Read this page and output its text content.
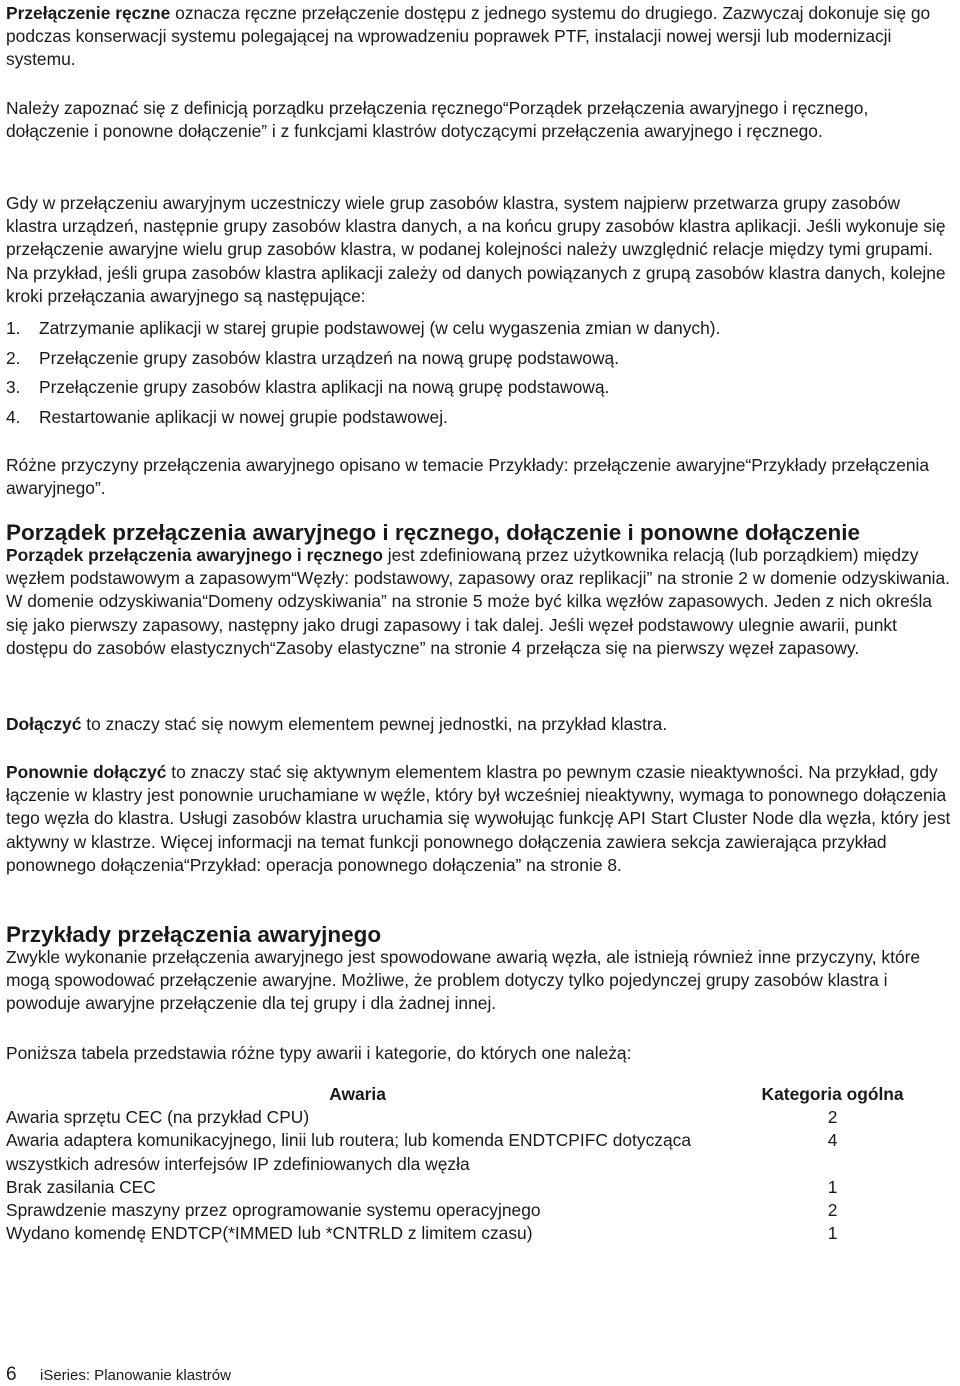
Przełączenie ręczne oznacza ręczne przełączenie dostępu z jednego systemu do drugiego. Zazwyczaj dokonuje się go podczas konserwacji systemu polegającej na wprowadzeniu poprawek PTF, instalacji nowej wersji lub modernizacji systemu.

Należy zapoznać się z definicją porządku przełączenia ręcznego“Porządek przełączenia awaryjnego i ręcznego, dołączenie i ponowne dołączenie” i z funkcjami klastrów dotyczącymi przełączenia awaryjnego i ręcznego.

Gdy w przełączeniu awaryjnym uczestniczy wiele grup zasobów klastra, system najpierw przetwarza grupy zasobów klastra urządzeń, następnie grupy zasobów klastra danych, a na końcu grupy zasobów klastra aplikacji. Jeśli wykonuje się przełączenie awaryjne wielu grup zasobów klastra, w podanej kolejności należy uwzględnić relacje między tymi grupami. Na przykład, jeśli grupa zasobów klastra aplikacji zależy od danych powiązanych z grupą zasobów klastra danych, kolejne kroki przełączania awaryjnego są następujące:

1.	Zatrzymanie aplikacji w starej grupie podstawowej (w celu wygaszenia zmian w danych).
2.	Przełączenie grupy zasobów klastra urządzeń na nową grupę podstawową.
3.	Przełączenie grupy zasobów klastra aplikacji na nową grupę podstawową.
4.	Restartowanie aplikacji w nowej grupie podstawowej.

Różne przyczyny przełączenia awaryjnego opisano w temacie Przykłady: przełączenie awaryjne“Przykłady przełączenia awaryjnego”.

Porządek przełączenia awaryjnego i ręcznego, dołączenie i ponowne dołączenie

Porządek przełączenia awaryjnego i ręcznego jest zdefiniowaną przez użytkownika relacją (lub porządkiem) między węzłem podstawowym a zapasowym“Węzły: podstawowy, zapasowy oraz replikacji” na stronie 2 w domenie odzyskiwania. W domenie odzyskiwania“Domeny odzyskiwania” na stronie 5 może być kilka węzłów zapasowych. Jeden z nich określa się jako pierwszy zapasowy, następny jako drugi zapasowy i tak dalej. Jeśli węzeł podstawowy ulegnie awarii, punkt dostępu do zasobów elastycznych“Zasoby elastyczne” na stronie 4 przełącza się na pierwszy węzeł zapasowy.

Dołączyć to znaczy stać się nowym elementem pewnej jednostki, na przykład klastra.

Ponownie dołączyć to znaczy stać się aktywnym elementem klastra po pewnym czasie nieaktywności. Na przykład, gdy łączenie w klastry jest ponownie uruchamiane w węźle, który był wcześniej nieaktywny, wymaga to ponownego dołączenia tego węzła do klastra. Usługi zasobów klastra uruchamia się wywołując funkcję API Start Cluster Node dla węzła, który jest aktywny w klastrze. Więcej informacji na temat funkcji ponownego dołączenia zawiera sekcja zawierająca przykład ponownego dołączenia“Przykład: operacja ponownego dołączenia” na stronie 8.

Przykłady przełączenia awaryjnego

Zwykle wykonanie przełączenia awaryjnego jest spowodowane awarią węzła, ale istnieją również inne przyczyny, które mogą spowodować przełączenie awaryjne. Możliwe, że problem dotyczy tylko pojedynczej grupy zasobów klastra i powoduje awaryjne przełączenie dla tej grupy i dla żadnej innej.

Poniższa tabela przedstawia różne typy awarii i kategorie, do których one należą:

Awaria	Kategoria ogólna
Awaria sprzętu CEC (na przykład CPU)	2
Awaria adaptera komunikacyjnego, linii lub routera; lub komenda ENDTCPIFC dotycząca wszystkich adresów interfejsów IP zdefiniowanych dla węzła	4
Brak zasilania CEC	1
Sprawdzenie maszyny przez oprogramowanie systemu operacyjnego	2
Wydano komendę ENDTCP(*IMMED lub *CNTRLD z limitem czasu)	1
6 iSeries: Planowanie klastrów
